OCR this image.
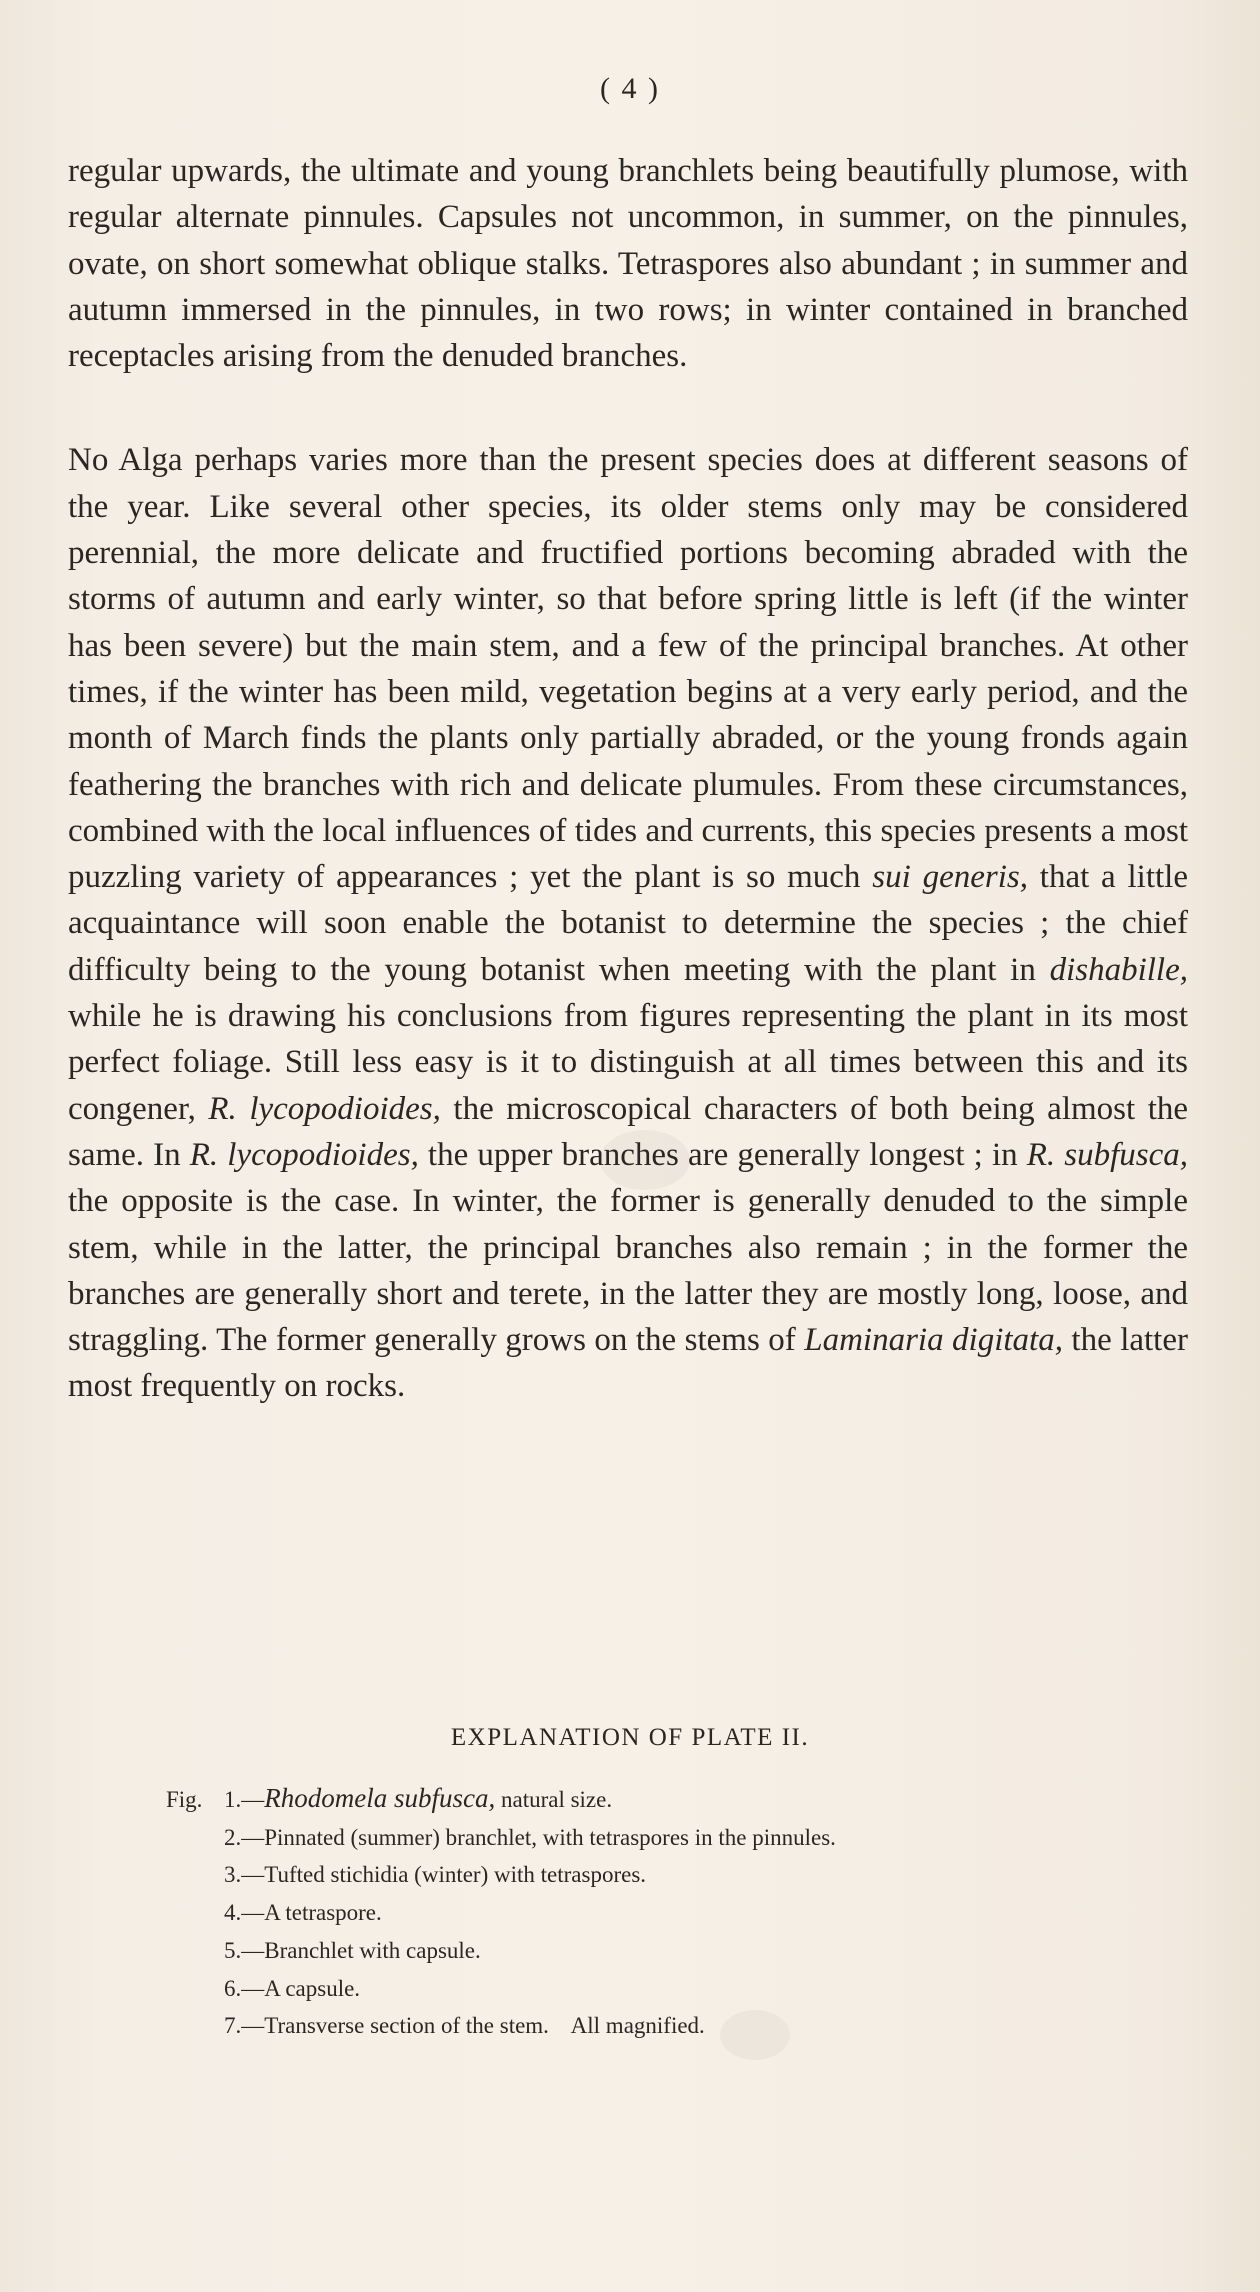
( 4 )

regular upwards, the ultimate and young branchlets being beautifully plumose, with regular alternate pinnules. Capsules not uncommon, in summer, on the pinnules, ovate, on short somewhat oblique stalks. Tetraspores also abundant ; in summer and autumn immersed in the pinnules, in two rows; in winter contained in branched receptacles arising from the denuded branches.

No Alga perhaps varies more than the present species does at different seasons of the year. Like several other species, its older stems only may be considered perennial, the more delicate and fructified portions becoming abraded with the storms of autumn and early winter, so that before spring little is left (if the winter has been severe) but the main stem, and a few of the principal branches. At other times, if the winter has been mild, vegetation begins at a very early period, and the month of March finds the plants only partially abraded, or the young fronds again feathering the branches with rich and delicate plumules. From these circumstances, combined with the local influences of tides and currents, this species presents a most puzzling variety of appearances ; yet the plant is so much sui generis, that a little acquaintance will soon enable the botanist to determine the species ; the chief difficulty being to the young botanist when meeting with the plant in dishabille, while he is drawing his conclusions from figures representing the plant in its most perfect foliage. Still less easy is it to distinguish at all times between this and its congener, R. lycopodioides, the microscopical characters of both being almost the same. In R. lycopodioides, the upper branches are generally longest ; in R. subfusca, the opposite is the case. In winter, the former is generally denuded to the simple stem, while in the latter, the principal branches also remain ; in the former the branches are generally short and terete, in the latter they are mostly long, loose, and straggling. The former generally grows on the stems of Laminaria digitata, the latter most frequently on rocks.

EXPLANATION OF PLATE II.
Fig. 1.—Rhodomela subfusca, natural size.
2.—Pinnated (summer) branchlet, with tetraspores in the pinnules.
3.—Tufted stichidia (winter) with tetraspores.
4.—A tetraspore.
5.—Branchlet with capsule.
6.—A capsule.
7.—Transverse section of the stem.    All magnified.
